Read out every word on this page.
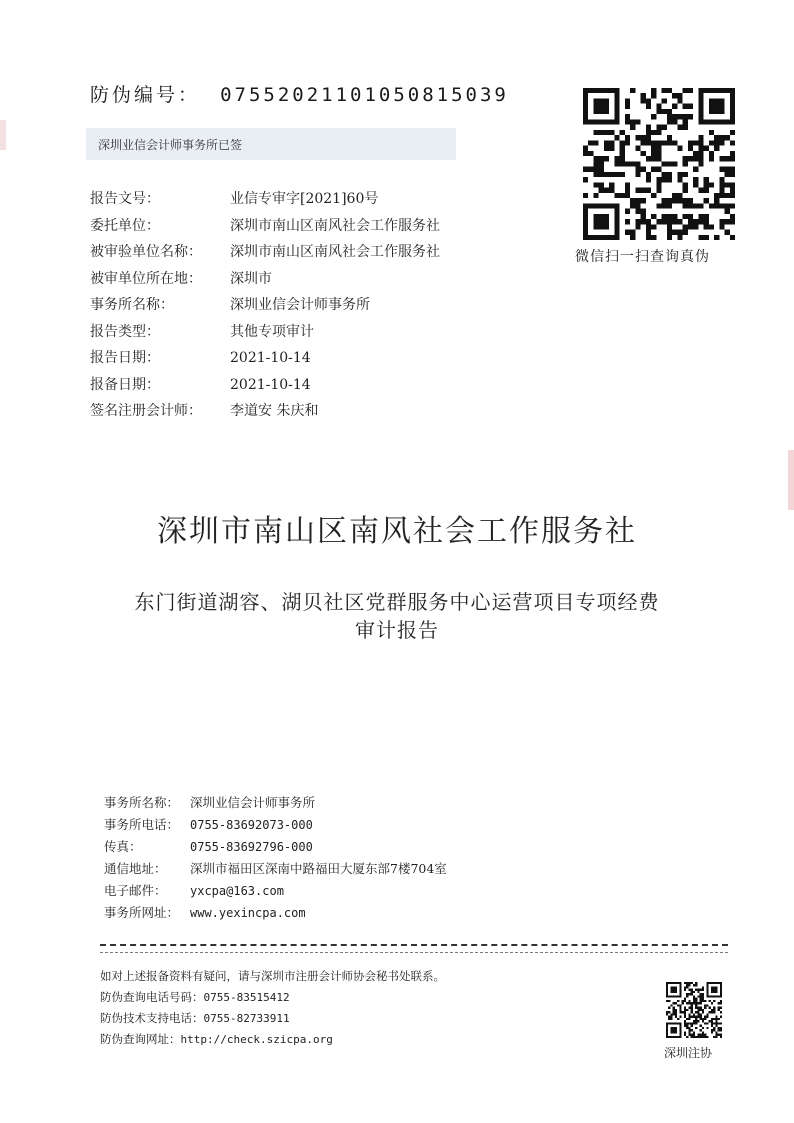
防伪编号： 07552021101050815039
深圳业信会计师事务所已签
报告文号：	业信专审字[2021]60号
委托单位：	深圳市南山区南风社会工作服务社
被审验单位名称：	深圳市南山区南风社会工作服务社
被审单位所在地：	深圳市
事务所名称：	深圳业信会计师事务所
报告类型：	其他专项审计
报告日期：	2021-10-14
报备日期：	2021-10-14
签名注册会计师：	李道安 朱庆和
微信扫一扫查询真伪
深圳市南山区南风社会工作服务社
东门街道湖容、湖贝社区党群服务中心运营项目专项经费
审计报告
事务所名称： 深圳业信会计师事务所
事务所电话： 0755-83692073-000
传真：	0755-83692796-000
通信地址：	深圳市福田区深南中路福田大厦东部7楼704室
电子邮件：	yxcpa@163.com
事务所网址： www.yexincpa.com
如对上述报备资料有疑问，请与深圳市注册会计师协会秘书处联系。
防伪查询电话号码： 0755-83515412
防伪技术支持电话： 0755-82733911
防伪查询网址： http://check.szicpa.org
深圳注协
